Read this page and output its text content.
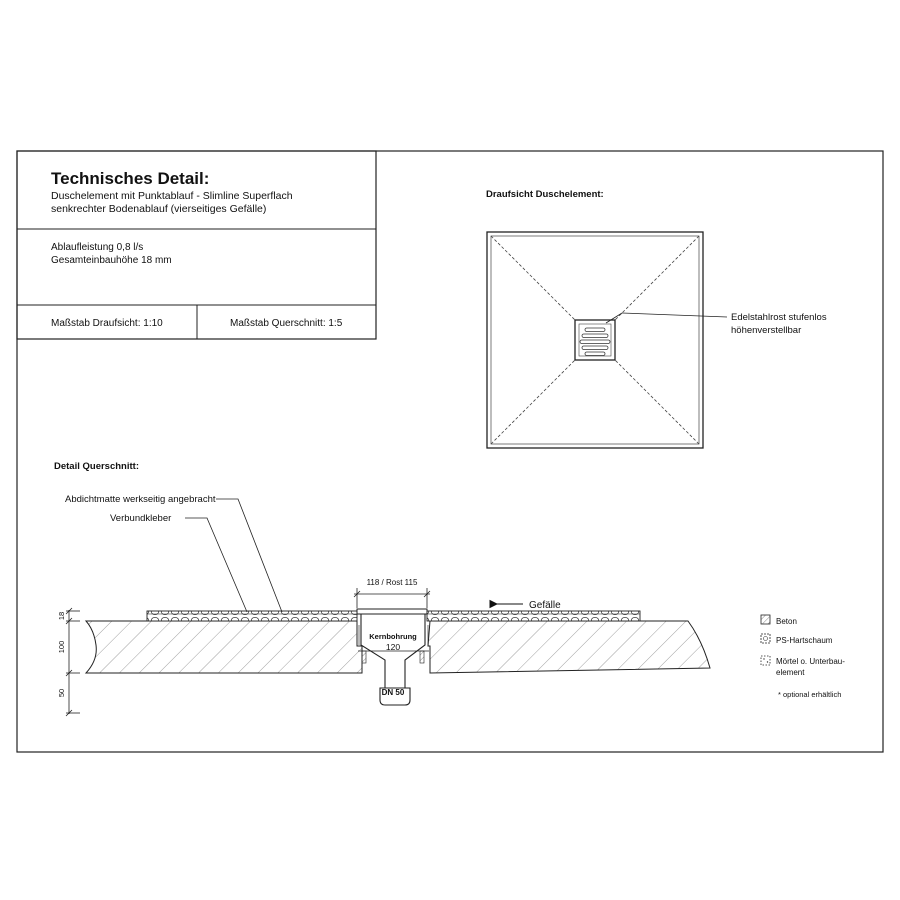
Technisches Detail:
Duschelement mit Punktablauf - Slimline Superflach
senkrechter Bodenablauf (vierseitiges Gefälle)
Ablaufleistung 0,8 l/s
Gesamteinbauhöhe 18 mm
Maßstab Draufsicht: 1:10	Maßstab Querschnitt: 1:5
Draufsicht Duschelement:
Edelstahlrost stufenlos
höhenverstellbar
Detail Querschnitt:
Kernbohrung
120
DN 50
118 / Rost 115
Gefälle
Abdichtmatte werkseitig angebracht
Verbundkleber
18
100
50
Beton
PS-Hartschaum
Mörtel o. Unterbau-
element
* optional erhältlich
